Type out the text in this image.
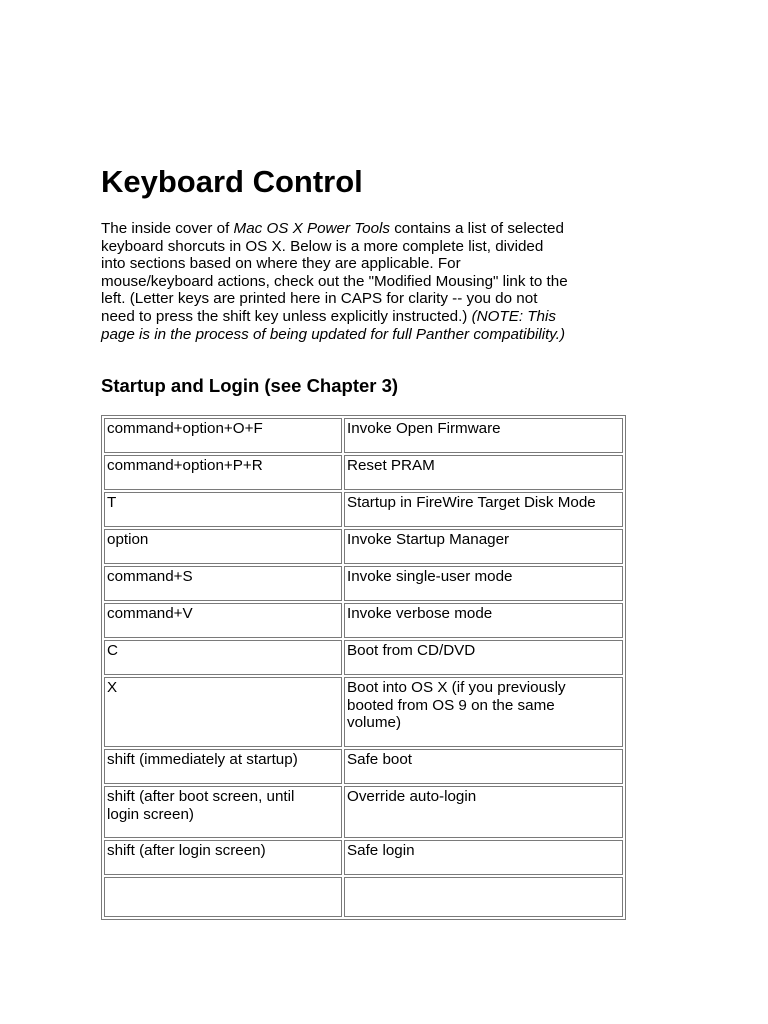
Keyboard Control
The inside cover of Mac OS X Power Tools contains a list of selected
keyboard shorcuts in OS X. Below is a more complete list, divided
into sections based on where they are applicable. For
mouse/keyboard actions, check out the "Modified Mousing" link to the
left. (Letter keys are printed here in CAPS for clarity -- you do not
need to press the shift key unless explicitly instructed.) (NOTE: This
page is in the process of being updated for full Panther compatibility.)
Startup and Login (see Chapter 3)
command+option+O+F	Invoke Open Firmware

command+option+P+R	Reset PRAM

T	Startup in FireWire Target Disk Mode

option	Invoke Startup Manager

command+S	Invoke single-user mode

command+V	Invoke verbose mode

C	Boot from CD/DVD

X	Boot into OS X (if you previously
booted from OS 9 on the same
volume)

shift (immediately at startup)	Safe boot

shift (after boot screen, until
login screen)	Override auto-login

shift (after login screen)	Safe login
